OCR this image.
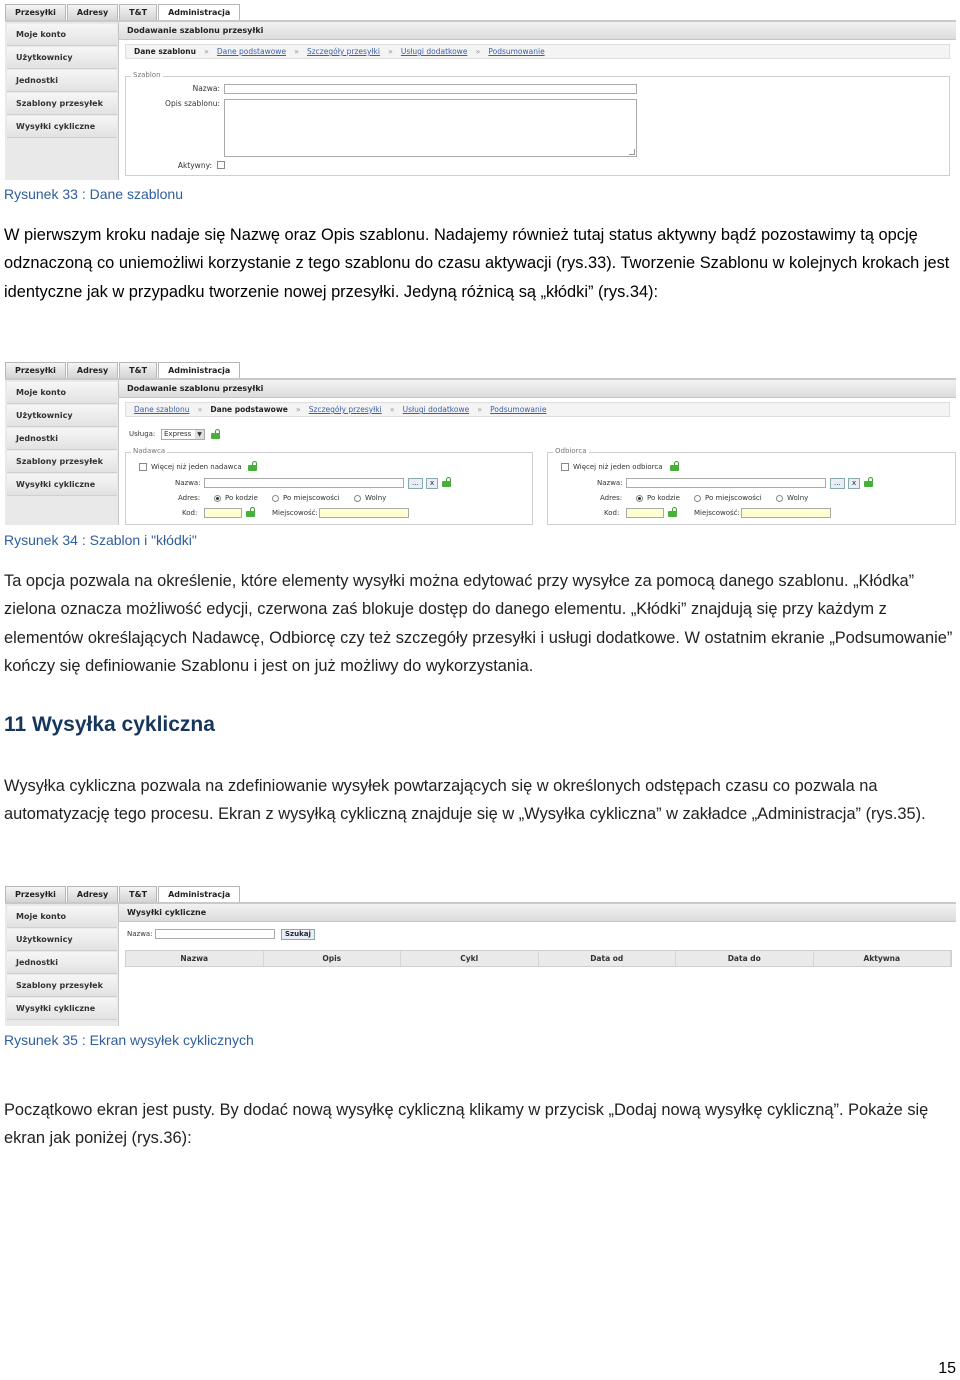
Przesyłki	Adresy	T&T	Administracja
Moje konto
Użytkownicy
Jednostki
Szablony przesyłek
Wysyłki cykliczne
Dodawanie szablonu przesyłki
Dane szablonu	»	Dane podstawowe	»	Szczegóły przesyłki	»	Usługi dodatkowe	»	Podsumowanie
Szablon
Nazwa:
Opis szablonu:
Aktywny:
Rysunek 33 : Dane szablonu
W pierwszym kroku nadaje się Nazwę oraz Opis szablonu. Nadajemy również tutaj status aktywny bądź pozostawimy tą opcję odznaczoną co uniemożliwi korzystanie z tego szablonu do czasu aktywacji (rys.33). Tworzenie Szablonu w kolejnych krokach jest identyczne jak w przypadku tworzenie nowej przesyłki. Jedyną różnicą są „kłódki” (rys.34):
Przesyłki	Adresy	T&T	Administracja
Moje konto
Użytkownicy
Jednostki
Szablony przesyłek
Wysyłki cykliczne
Dodawanie szablonu przesyłki
Dane szablonu	»	Dane podstawowe	»	Szczegóły przesyłki	»	Usługi dodatkowe	»	Podsumowanie
Usługa:	Express ▼
Nadawca
Więcej niż jeden nadawca
Nazwa:	...	x
Adres:	Po kodzie	Po miejscowości	Wolny
Kod:	Miejscowość:
Odbiorca
Więcej niż jeden odbiorca
Nazwa:	...	x
Adres:	Po kodzie	Po miejscowości	Wolny
Kod:	Miejscowość:
Rysunek 34 : Szablon i "kłódki"
Ta opcja pozwala na określenie, które elementy wysyłki można edytować przy wysyłce za pomocą danego szablonu. „Kłódka” zielona oznacza możliwość edycji, czerwona zaś blokuje dostęp do danego elementu. „Kłódki” znajdują się przy każdym z elementów określających Nadawcę, Odbiorcę czy też szczegóły przesyłki i usługi dodatkowe. W ostatnim ekranie „Podsumowanie” kończy się definiowanie Szablonu i jest on już możliwy do wykorzystania.
11 Wysyłka cykliczna
Wysyłka cykliczna pozwala na zdefiniowanie wysyłek powtarzających się w określonych odstępach czasu co pozwala na automatyzację tego procesu. Ekran z wysyłką cykliczną znajduje się w „Wysyłka cykliczna” w zakładce „Administracja” (rys.35).
Przesyłki	Adresy	T&T	Administracja
Moje konto
Użytkownicy
Jednostki
Szablony przesyłek
Wysyłki cykliczne
Wysyłki cykliczne
Nazwa:	Szukaj
Nazwa	Opis	Cykl	Data od	Data do	Aktywna
Rysunek 35 : Ekran wysyłek cyklicznych
Początkowo ekran jest pusty. By dodać nową wysyłkę cykliczną klikamy w przycisk „Dodaj nową wysyłkę cykliczną”. Pokaże się ekran jak poniżej (rys.36):
15
